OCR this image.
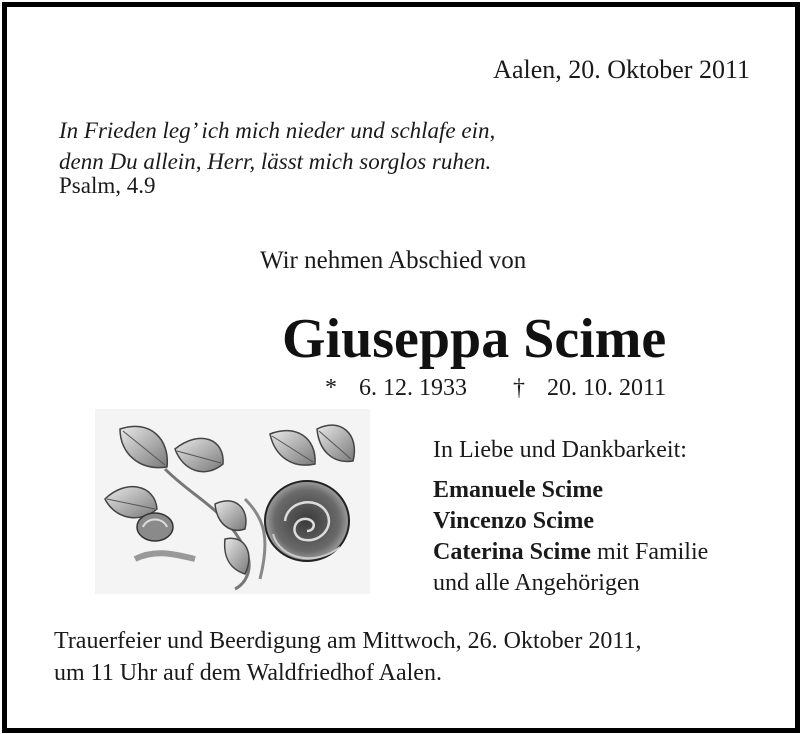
Aalen, 20. Oktober 2011
In Frieden leg’ ich mich nieder und schlafe ein,
denn Du allein, Herr, lässt mich sorglos ruhen.
Psalm, 4.9
Wir nehmen Abschied von
Giuseppa Scime
* 6. 12. 1933 † 20. 10. 2011
In Liebe und Dankbarkeit:
Emanuele Scime
Vincenzo Scime
Caterina Scime mit Familie
und alle Angehörigen
Trauerfeier und Beerdigung am Mittwoch, 26. Oktober 2011,
um 11 Uhr auf dem Waldfriedhof Aalen.
